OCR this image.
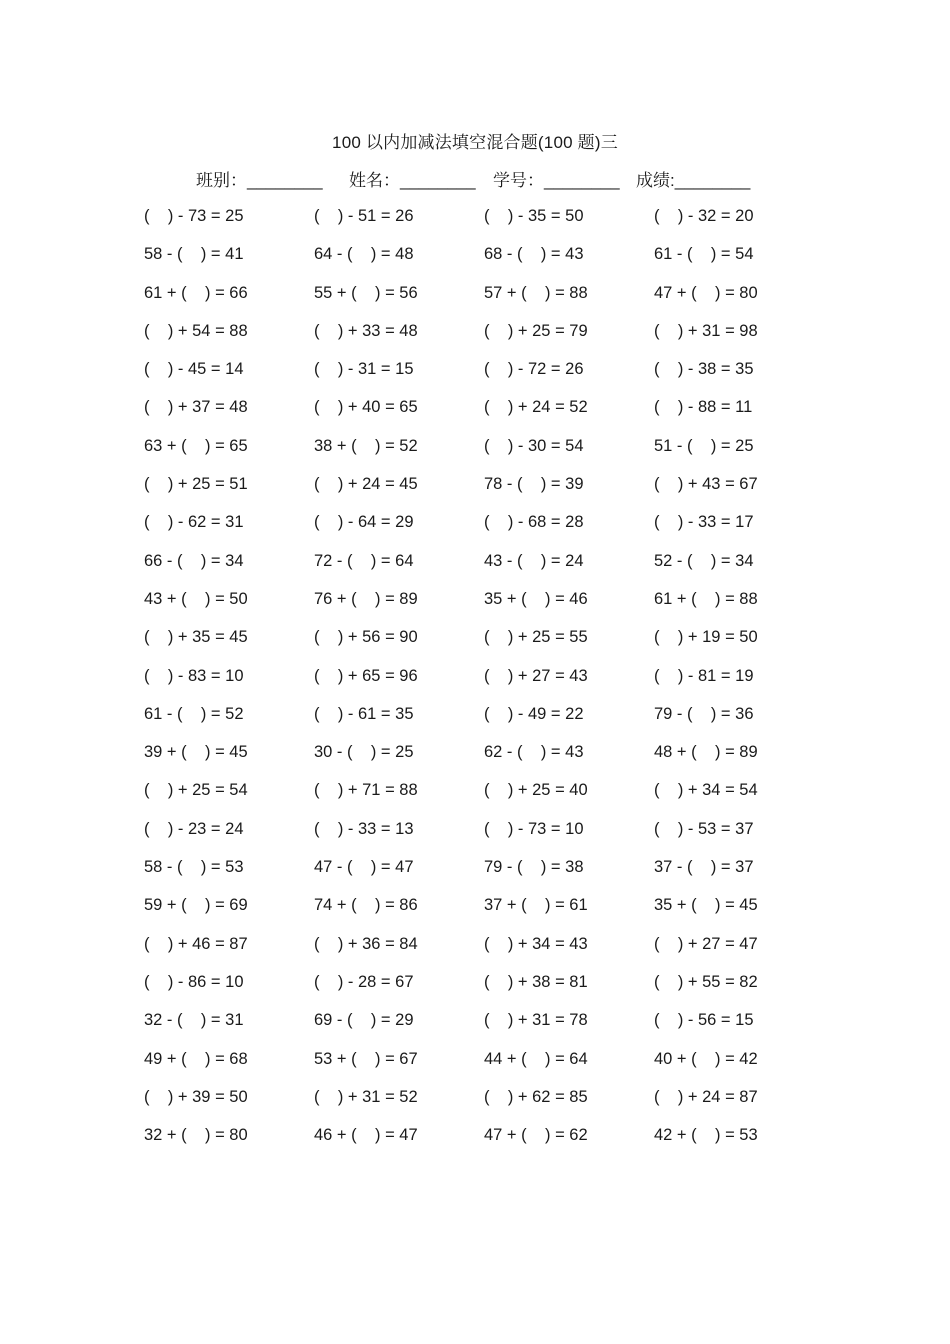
100 以内加减法填空混合题(100 题)三
班别：________	姓名：________	学号：________ 成绩:________
(    ) - 73 = 25	(    ) - 51 = 26	(    ) - 35 = 50	(    ) - 32 = 20
58 - (    ) = 41	64 - (    ) = 48	68 - (    ) = 43	61 - (    ) = 54
61 + (    ) = 66	55 + (    ) = 56	57 + (    ) = 88	47 + (    ) = 80
(    ) + 54 = 88	(    ) + 33 = 48	(    ) + 25 = 79	(    ) + 31 = 98
(    ) - 45 = 14	(    ) - 31 = 15	(    ) - 72 = 26	(    ) - 38 = 35
(    ) + 37 = 48	(    ) + 40 = 65	(    ) + 24 = 52	(    ) - 88 = 11
63 + (    ) = 65	38 + (    ) = 52	(    ) - 30 = 54	51 - (    ) = 25
(    ) + 25 = 51	(    ) + 24 = 45	78 - (    ) = 39	(    ) + 43 = 67
(    ) - 62 = 31	(    ) - 64 = 29	(    ) - 68 = 28	(    ) - 33 = 17
66 - (    ) = 34	72 - (    ) = 64	43 - (    ) = 24	52 - (    ) = 34
43 + (    ) = 50	76 + (    ) = 89	35 + (    ) = 46	61 + (    ) = 88
(    ) + 35 = 45	(    ) + 56 = 90	(    ) + 25 = 55	(    ) + 19 = 50
(    ) - 83 = 10	(    ) + 65 = 96	(    ) + 27 = 43	(    ) - 81 = 19
61 - (    ) = 52	(    ) - 61 = 35	(    ) - 49 = 22	79 - (    ) = 36
39 + (    ) = 45	30 - (    ) = 25	62 - (    ) = 43	48 + (    ) = 89
(    ) + 25 = 54	(    ) + 71 = 88	(    ) + 25 = 40	(    ) + 34 = 54
(    ) - 23 = 24	(    ) - 33 = 13	(    ) - 73 = 10	(    ) - 53 = 37
58 - (    ) = 53	47 - (    ) = 47	79 - (    ) = 38	37 - (    ) = 37
59 + (    ) = 69	74 + (    ) = 86	37 + (    ) = 61	35 + (    ) = 45
(    ) + 46 = 87	(    ) + 36 = 84	(    ) + 34 = 43	(    ) + 27 = 47
(    ) - 86 = 10	(    ) - 28 = 67	(    ) + 38 = 81	(    ) + 55 = 82
32 - (    ) = 31	69 - (    ) = 29	(    ) + 31 = 78	(    ) - 56 = 15
49 + (    ) = 68	53 + (    ) = 67	44 + (    ) = 64	40 + (    ) = 42
(    ) + 39 = 50	(    ) + 31 = 52	(    ) + 62 = 85	(    ) + 24 = 87
32 + (    ) = 80	46 + (    ) = 47	47 + (    ) = 62	42 + (    ) = 53
